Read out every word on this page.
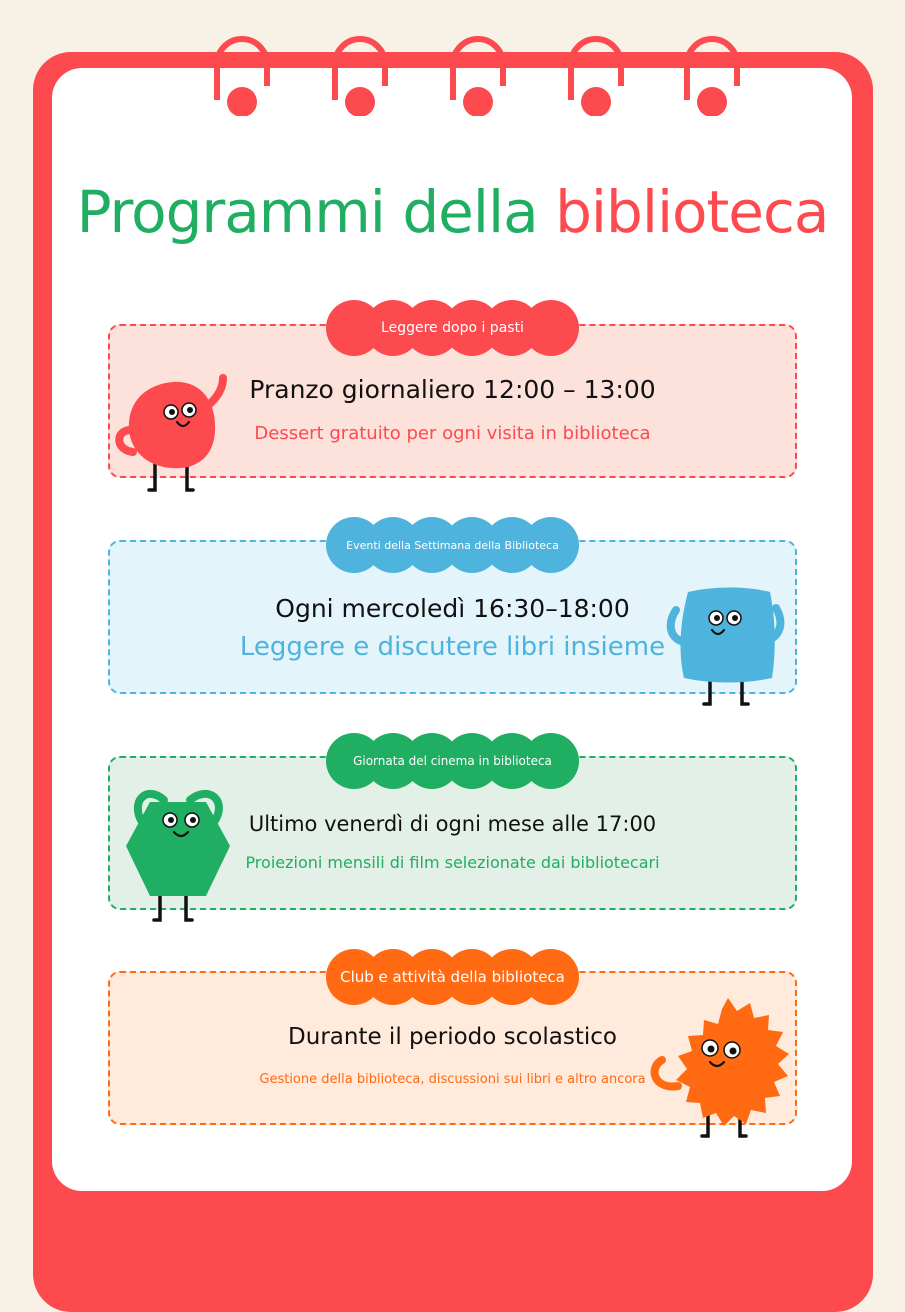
Programmi della biblioteca
Leggere dopo i pasti
Pranzo giornaliero 12:00 – 13:00
Dessert gratuito per ogni visita in biblioteca
Eventi della Settimana della Biblioteca
Ogni mercoledì 16:30–18:00
Leggere e discutere libri insieme
Giornata del cinema in biblioteca
Ultimo venerdì di ogni mese alle 17:00
Proiezioni mensili di film selezionate dai bibliotecari
Club e attività della biblioteca
Durante il periodo scolastico
Gestione della biblioteca, discussioni sui libri e altro ancora
